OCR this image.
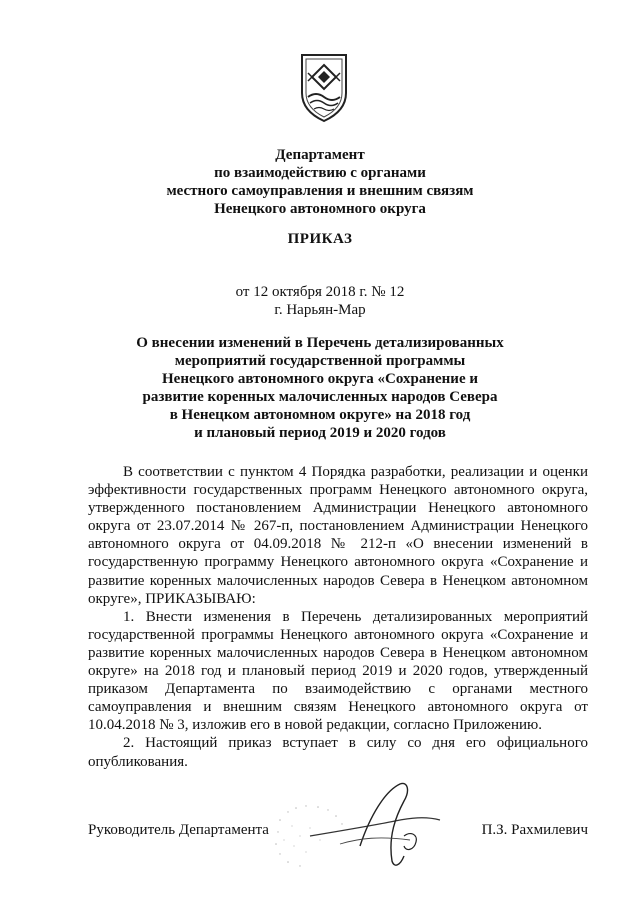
Департамент
по взаимодействию с органами
местного самоуправления и внешним связям
Ненецкого автономного округа
ПРИКАЗ
от 12 октября 2018 г. № 12
г. Нарьян-Мар
О внесении изменений в Перечень детализированных
мероприятий государственной программы
Ненецкого автономного округа «Сохранение и
развитие коренных малочисленных народов Севера
в Ненецком автономном округе» на 2018 год
и плановый период 2019 и 2020 годов

В соответствии с пунктом 4 Порядка разработки, реализации и оценки эффективности государственных программ Ненецкого автономного округа, утвержденного постановлением Администрации Ненецкого автономного округа от 23.07.2014 № 267-п, постановлением Администрации Ненецкого автономного округа от 04.09.2018 № 212-п «О внесении изменений в государственную программу Ненецкого автономного округа «Сохранение и развитие коренных малочисленных народов Севера в Ненецком автономном округе», ПРИКАЗЫВАЮ:

1. Внести изменения в Перечень детализированных мероприятий государственной программы Ненецкого автономного округа «Сохранение и развитие коренных малочисленных народов Севера в Ненецком автономном округе» на 2018 год и плановый период 2019 и 2020 годов, утвержденный приказом Департамента по взаимодействию с органами местного самоуправления и внешним связям Ненецкого автономного округа от 10.04.2018 № 3, изложив его в новой редакции, согласно Приложению.

2. Настоящий приказ вступает в силу со дня его официального опубликования.

Руководитель Департамента	П.З. Рахмилевич
